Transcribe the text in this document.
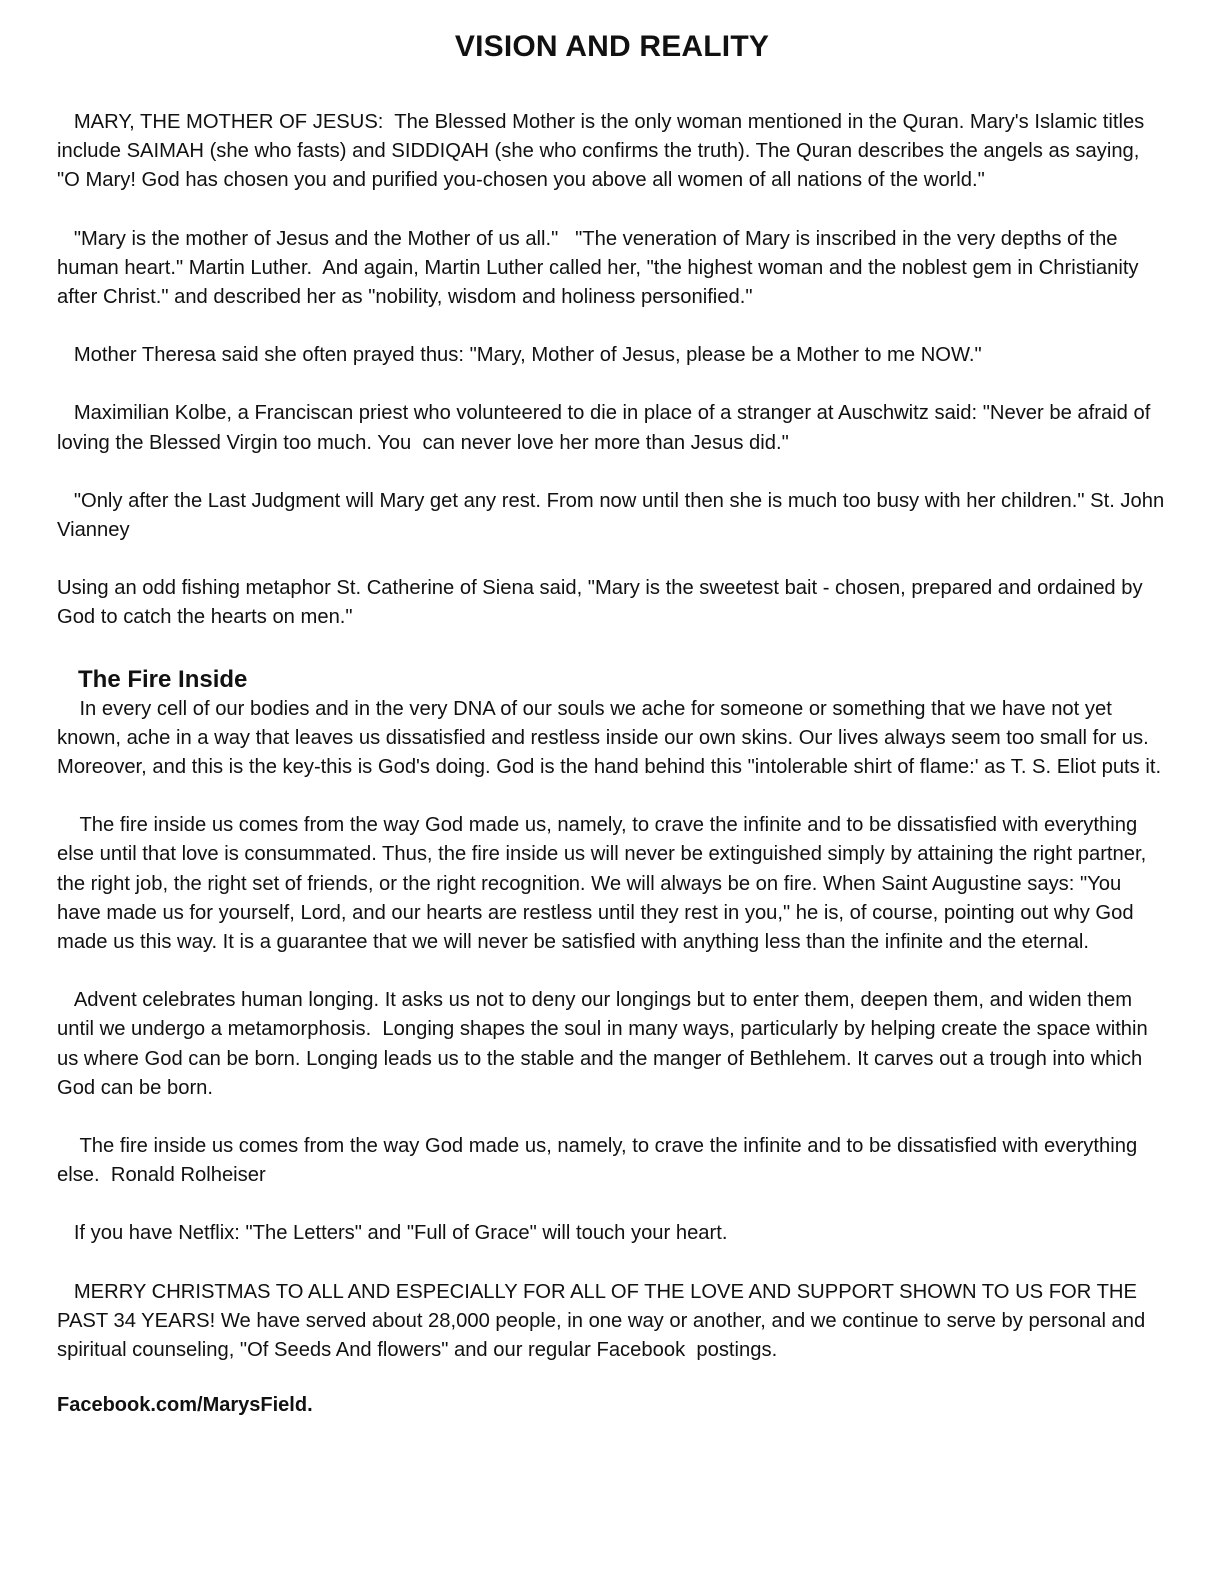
VISION AND REALITY

MARY, THE MOTHER OF JESUS:  The Blessed Mother is the only woman mentioned in the Quran. Mary's Islamic titles include SAIMAH (she who fasts) and SIDDIQAH (she who confirms the truth). The Quran describes the angels as saying, "O Mary! God has chosen you and purified you-chosen you above all women of all nations of the world."

"Mary is the mother of Jesus and the Mother of us all."   "The veneration of Mary is inscribed in the very depths of the human heart." Martin Luther.  And again, Martin Luther called her, "the highest woman and the noblest gem in Christianity after Christ." and described her as "nobility, wisdom and holiness personified."

Mother Theresa said she often prayed thus: "Mary, Mother of Jesus, please be a Mother to me NOW."

Maximilian Kolbe, a Franciscan priest who volunteered to die in place of a stranger at Auschwitz said: "Never be afraid of loving the Blessed Virgin too much. You  can never love her more than Jesus did."

"Only after the Last Judgment will Mary get any rest. From now until then she is much too busy with her children." St. John Vianney

Using an odd fishing metaphor St. Catherine of Siena said, "Mary is the sweetest bait - chosen, prepared and ordained by God to catch the hearts on men."

The Fire Inside

In every cell of our bodies and in the very DNA of our souls we ache for someone or something that we have not yet known, ache in a way that leaves us dissatisfied and restless inside our own skins. Our lives always seem too small for us. Moreover, and this is the key-this is God's doing. God is the hand behind this "intolerable shirt of flame:' as T. S. Eliot puts it.

The fire inside us comes from the way God made us, namely, to crave the infinite and to be dissatisfied with everything else until that love is consummated. Thus, the fire inside us will never be extinguished simply by attaining the right partner, the right job, the right set of friends, or the right recognition. We will always be on fire. When Saint Augustine says: "You have made us for yourself, Lord, and our hearts are restless until they rest in you," he is, of course, pointing out why God made us this way. It is a guarantee that we will never be satisfied with anything less than the infinite and the eternal.

Advent celebrates human longing. It asks us not to deny our longings but to enter them, deepen them, and widen them until we undergo a metamorphosis.  Longing shapes the soul in many ways, particularly by helping create the space within us where God can be born. Longing leads us to the stable and the manger of Bethlehem. It carves out a trough into which God can be born.

The fire inside us comes from the way God made us, namely, to crave the infinite and to be dissatisfied with everything else.  Ronald Rolheiser

If you have Netflix: "The Letters" and "Full of Grace" will touch your heart.

MERRY CHRISTMAS TO ALL AND ESPECIALLY FOR ALL OF THE LOVE AND SUPPORT SHOWN TO US FOR THE PAST 34 YEARS! We have served about 28,000 people, in one way or another, and we continue to serve by personal and spiritual counseling, "Of Seeds And flowers" and our regular Facebook  postings.

Facebook.com/MarysField.
